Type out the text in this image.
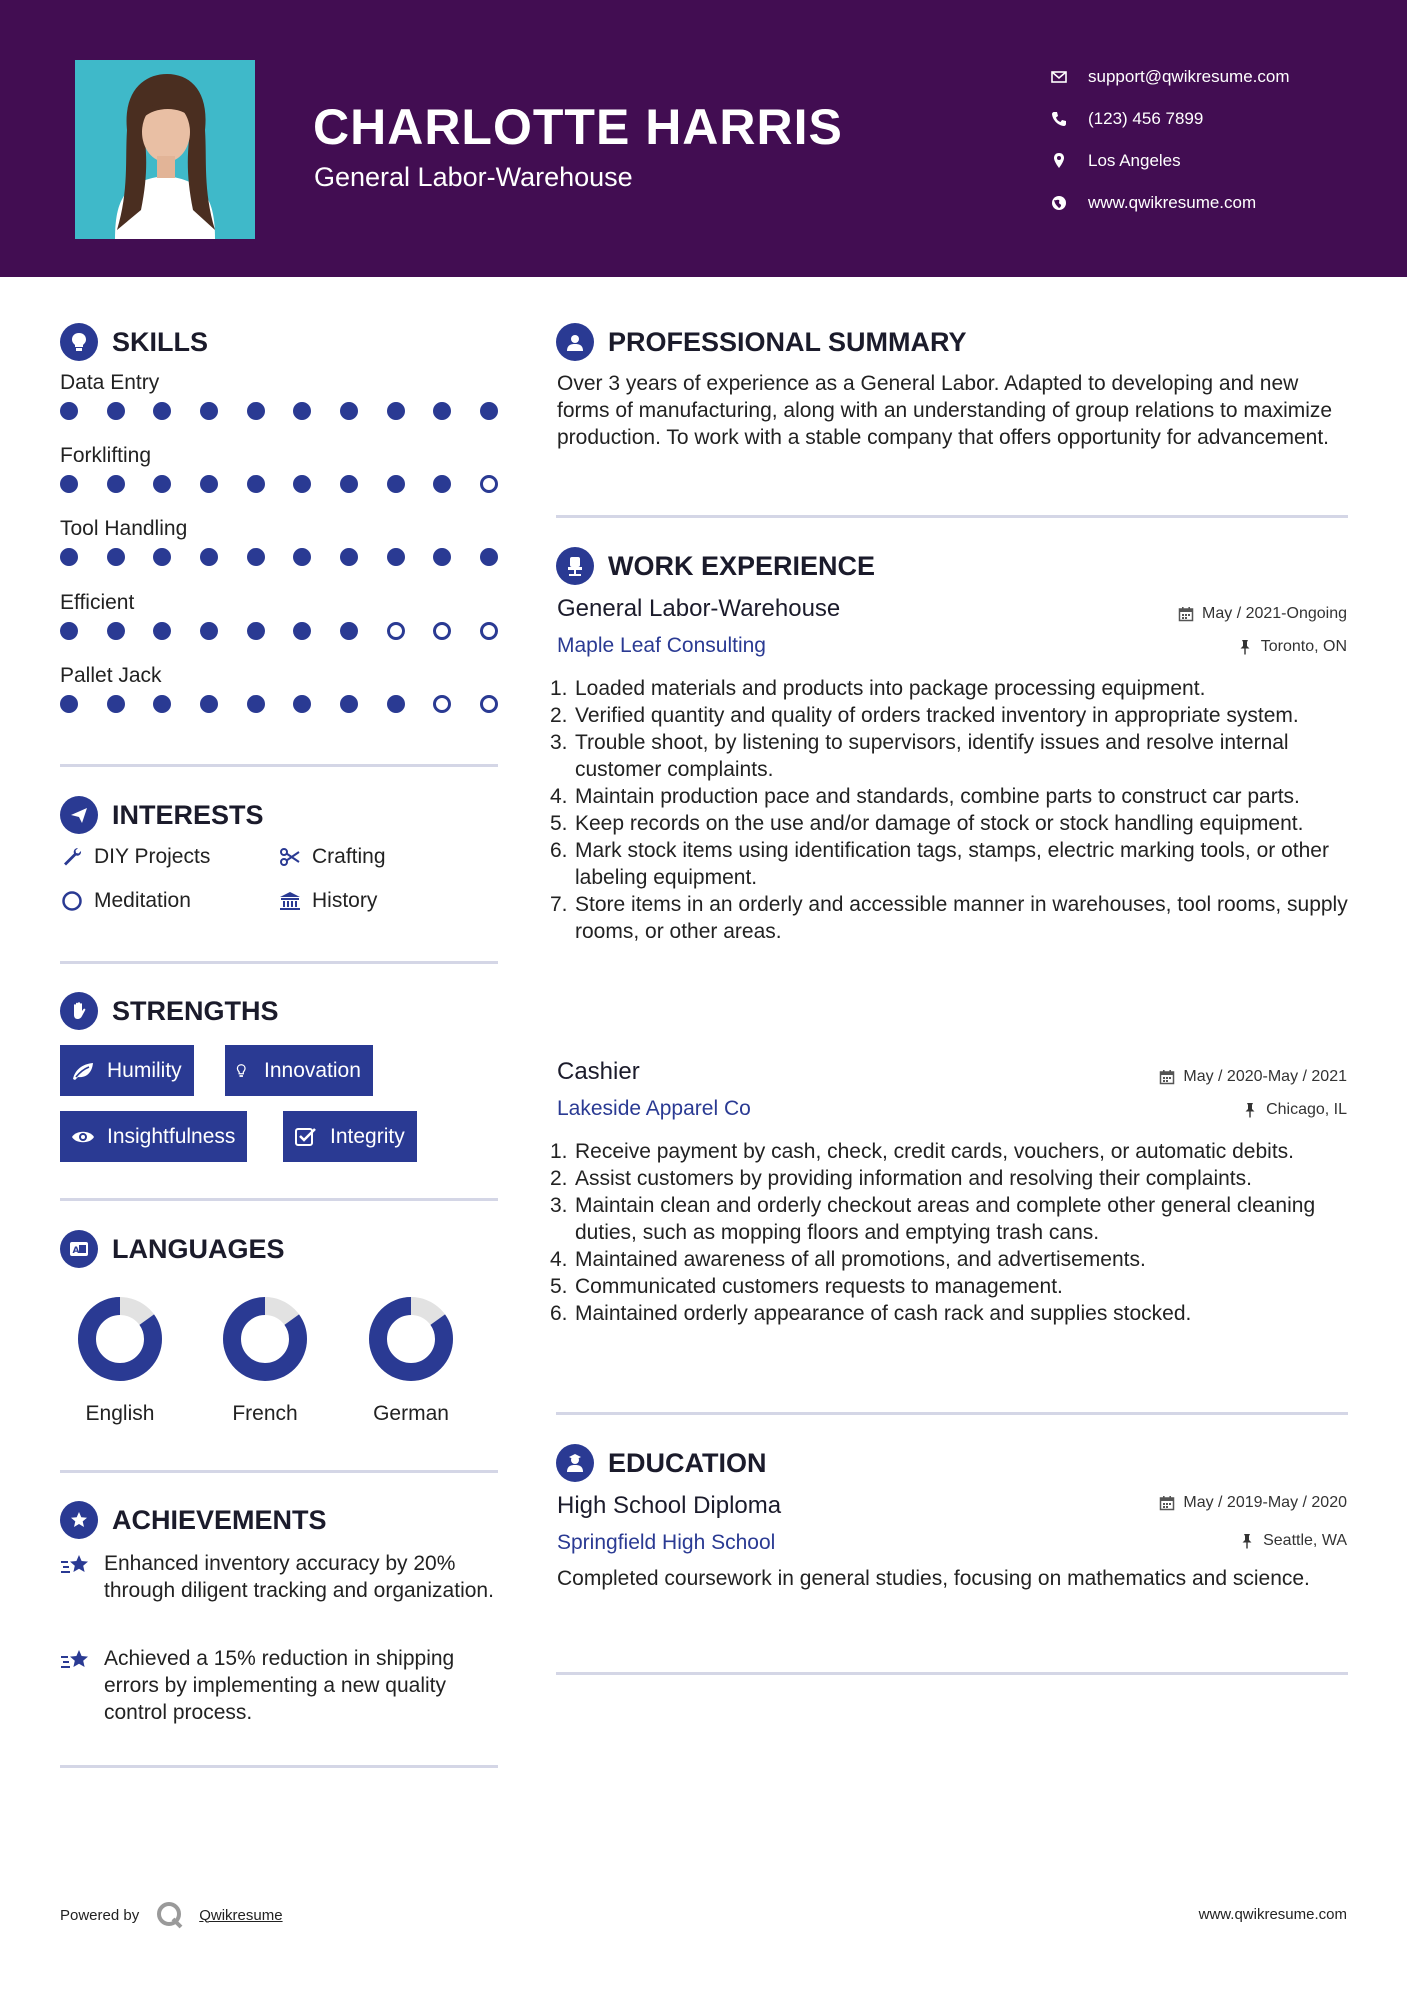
CHARLOTTE HARRIS
General Labor-Warehouse
support@qwikresume.com
(123) 456 7899
Los Angeles
www.qwikresume.com
SKILLS
Data Entry
Forklifting
Tool Handling
Efficient
Pallet Jack
INTERESTS
DIY Projects	Crafting
Meditation	History
STRENGTHS
Humility	Innovation
Insightfulness	Integrity
A LANGUAGES
English	French	German
ACHIEVEMENTS
Enhanced inventory accuracy by 20% through diligent tracking and organization.
Achieved a 15% reduction in shipping errors by implementing a new quality control process.
PROFESSIONAL SUMMARY
Over 3 years of experience as a General Labor. Adapted to developing and new forms of manufacturing, along with an understanding of group relations to maximize production. To work with a stable company that offers opportunity for advancement.
WORK EXPERIENCE
General Labor-Warehouse	May / 2021-Ongoing
Maple Leaf Consulting	Toronto, ON
1. Loaded materials and products into package processing equipment.
2. Verified quantity and quality of orders tracked inventory in appropriate system.
3. Trouble shoot, by listening to supervisors, identify issues and resolve internal customer complaints.
4. Maintain production pace and standards, combine parts to construct car parts.
5. Keep records on the use and/or damage of stock or stock handling equipment.
6. Mark stock items using identification tags, stamps, electric marking tools, or other labeling equipment.
7. Store items in an orderly and accessible manner in warehouses, tool rooms, supply rooms, or other areas.
Cashier	May / 2020-May / 2021
Lakeside Apparel Co	Chicago, IL
1. Receive payment by cash, check, credit cards, vouchers, or automatic debits.
2. Assist customers by providing information and resolving their complaints.
3. Maintain clean and orderly checkout areas and complete other general cleaning duties, such as mopping floors and emptying trash cans.
4. Maintained awareness of all promotions, and advertisements.
5. Communicated customers requests to management.
6. Maintained orderly appearance of cash rack and supplies stocked.
EDUCATION
High School Diploma	May / 2019-May / 2020
Springfield High School	Seattle, WA
Completed coursework in general studies, focusing on mathematics and science.
Powered by	Qwikresume	www.qwikresume.com
